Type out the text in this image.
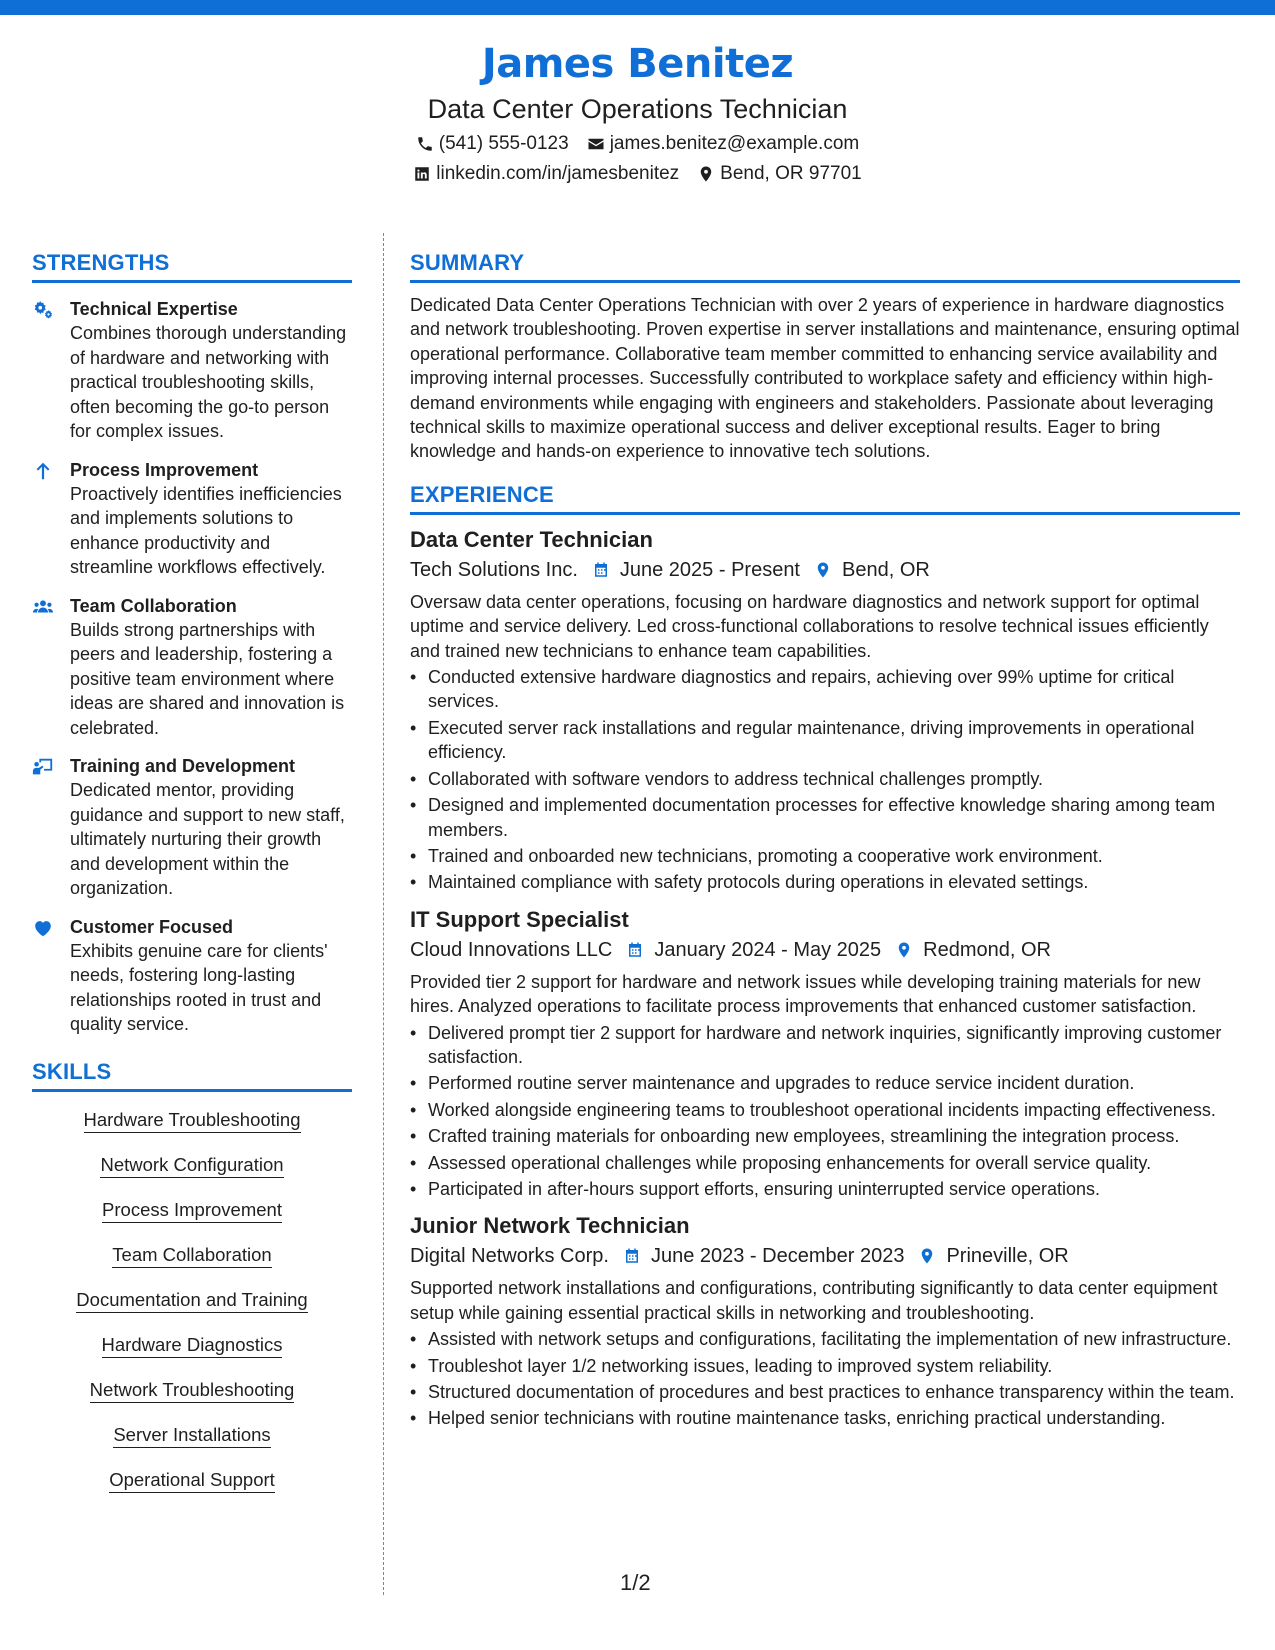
James Benitez
Data Center Operations Technician
(541) 555-0123 james.benitez@example.com
linkedin.com/in/jamesbenitez Bend, OR 97701
STRENGTHS
Technical Expertise
Combines thorough understanding of hardware and networking with practical troubleshooting skills, often becoming the go-to person for complex issues.
Process Improvement
Proactively identifies inefficiencies and implements solutions to enhance productivity and streamline workflows effectively.
Team Collaboration
Builds strong partnerships with peers and leadership, fostering a positive team environment where ideas are shared and innovation is celebrated.
Training and Development
Dedicated mentor, providing guidance and support to new staff, ultimately nurturing their growth and development within the organization.
Customer Focused
Exhibits genuine care for clients' needs, fostering long-lasting relationships rooted in trust and quality service.
SKILLS
Hardware Troubleshooting
Network Configuration
Process Improvement
Team Collaboration
Documentation and Training
Hardware Diagnostics
Network Troubleshooting
Server Installations
Operational Support
SUMMARY
Dedicated Data Center Operations Technician with over 2 years of experience in hardware diagnostics and network troubleshooting. Proven expertise in server installations and maintenance, ensuring optimal operational performance. Collaborative team member committed to enhancing service availability and improving internal processes. Successfully contributed to workplace safety and efficiency within high-demand environments while engaging with engineers and stakeholders. Passionate about leveraging technical skills to maximize operational success and deliver exceptional results. Eager to bring knowledge and hands-on experience to innovative tech solutions.
EXPERIENCE
Data Center Technician
Tech Solutions Inc. June 2025 - Present Bend, OR
Oversaw data center operations, focusing on hardware diagnostics and network support for optimal uptime and service delivery. Led cross-functional collaborations to resolve technical issues efficiently and trained new technicians to enhance team capabilities.
• Conducted extensive hardware diagnostics and repairs, achieving over 99% uptime for critical services.
• Executed server rack installations and regular maintenance, driving improvements in operational efficiency.
• Collaborated with software vendors to address technical challenges promptly.
• Designed and implemented documentation processes for effective knowledge sharing among team members.
• Trained and onboarded new technicians, promoting a cooperative work environment.
• Maintained compliance with safety protocols during operations in elevated settings.
IT Support Specialist
Cloud Innovations LLC January 2024 - May 2025 Redmond, OR
Provided tier 2 support for hardware and network issues while developing training materials for new hires. Analyzed operations to facilitate process improvements that enhanced customer satisfaction.
• Delivered prompt tier 2 support for hardware and network inquiries, significantly improving customer satisfaction.
• Performed routine server maintenance and upgrades to reduce service incident duration.
• Worked alongside engineering teams to troubleshoot operational incidents impacting effectiveness.
• Crafted training materials for onboarding new employees, streamlining the integration process.
• Assessed operational challenges while proposing enhancements for overall service quality.
• Participated in after-hours support efforts, ensuring uninterrupted service operations.
Junior Network Technician
Digital Networks Corp. June 2023 - December 2023 Prineville, OR
Supported network installations and configurations, contributing significantly to data center equipment setup while gaining essential practical skills in networking and troubleshooting.
• Assisted with network setups and configurations, facilitating the implementation of new infrastructure.
• Troubleshot layer 1/2 networking issues, leading to improved system reliability.
• Structured documentation of procedures and best practices to enhance transparency within the team.
• Helped senior technicians with routine maintenance tasks, enriching practical understanding.
1/2
